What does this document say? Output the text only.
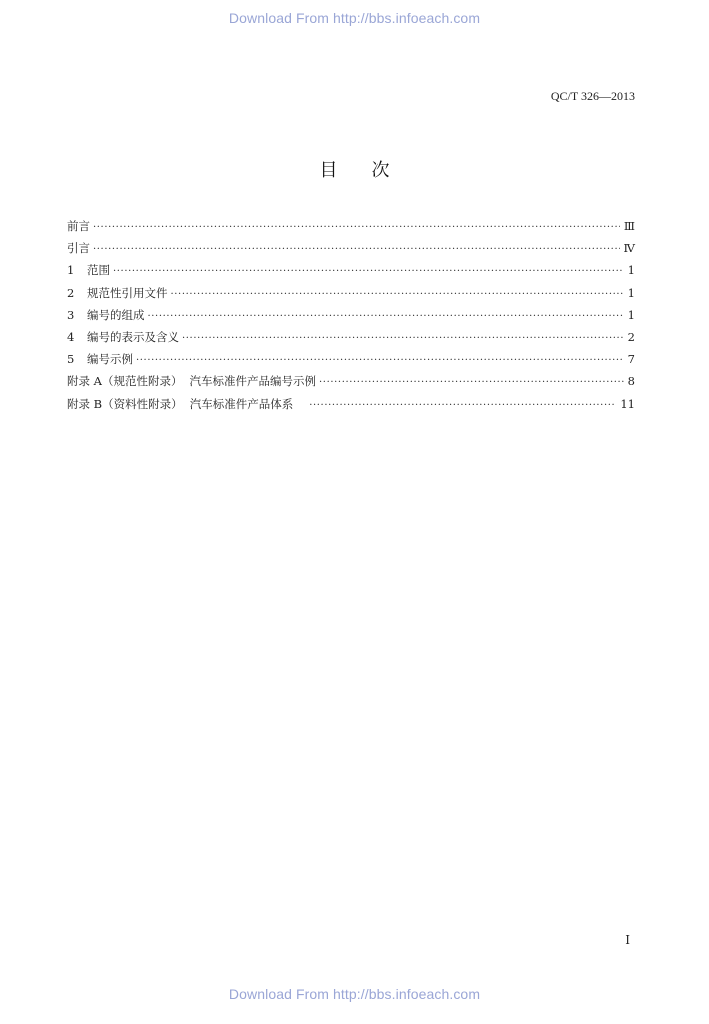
Download From http://bbs.infoeach.com
QC/T 326—2013
目次
前言 ·····	Ⅲ
引言 ·····	Ⅳ
1	范围 ·····	1
2	规范性引用文件 ·····	1
3	编号的组成 ·····	1
4	编号的表示及含义 ·····	2
5	编号示例 ·····	7
附录 A（规范性附录） 汽车标准件产品编号示例 ·····	8
附录 B（资料性附录） 汽车标准件产品体系 ·····	11
Ⅰ
Download From http://bbs.infoeach.com
